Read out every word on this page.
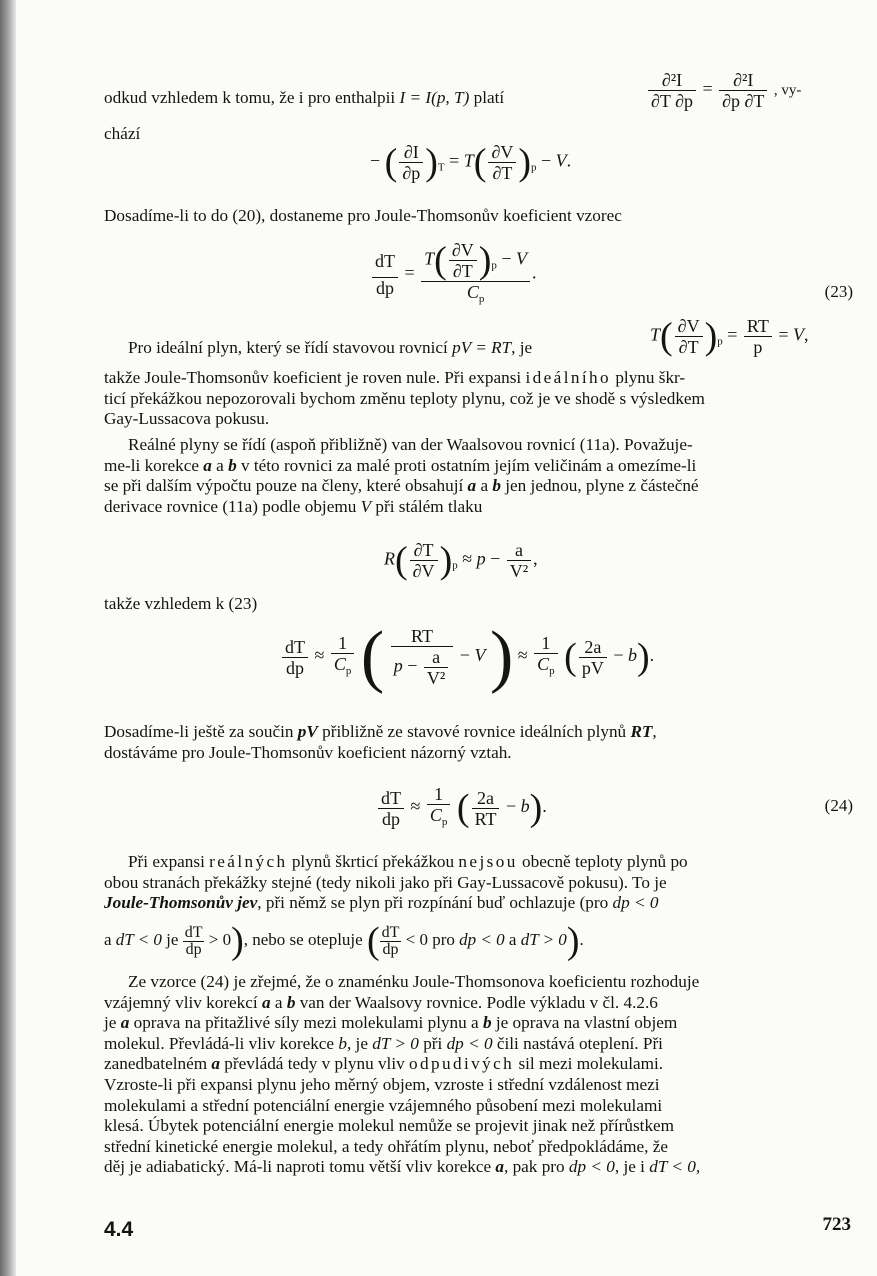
odkud vzhledem k tomu, že i pro enthalpii I = I(p, T) platí	$\frac{\text{∂²I}}{\partial T \partial p} = \frac{\text{∂²I}}{\partial p \partial T}$ , vy-
chází
− ( $\frac{\partial I}{\partial p} )_T = T( \frac{\partial V}{\partial T} )_p - V$.
Dosadíme-li to do (20), dostaneme pro Joule-Thomsonův koeficient vzorec
$\frac{dT}{dp} = \frac{T( \frac{\partial V}{\partial T} )_p - V}{C_p}$ .
(23)
Pro ideální plyn, který se řídí stavovou rovnicí pV = RT, je
$T( \frac{\partial V}{\partial T} )_p = \frac{RT}{p} = V$,
takže Joule-Thomsonův koeficient je roven nule. Při expansi ideálního plynu škr-
ticí překážkou nepozorovali bychom změnu teploty plynu, což je ve shodě s výsledkem
Gay-Lussacova pokusu.
Reálné plyny se řídí (aspoň přibližně) van der Waalsovou rovnicí (11a). Považuje-
me-li korekce a a b v této rovnici za malé proti ostatním jejím veličinám a omezíme-li
se při dalším výpočtu pouze na členy, které obsahují a a b jen jednou, plyne z částečné
derivace rovnice (11a) podle objemu V při stálém tlaku
$R( \frac{\partial T}{\partial V} )_p \approx p - \frac{a}{\text{V²}}$ ,
takže vzhledem k (23)
$\frac{dT}{dp} \approx \frac{1}{C_p}$ ( $\frac{RT}{p - \frac{a}{\text{V²}}} - V$ ) ≈ $\frac{1}{C_p}$ ( $\frac{2a}{pV} - b$).
Dosadíme-li ještě za součin pV přibližně ze stavové rovnice ideálních plynů RT,
dostáváme pro Joule-Thomsonův koeficient názorný vztah.
$\frac{dT}{dp} \approx \frac{1}{C_p}$ ( $\frac{2a}{RT} - b$).	(24)
Při expansi reálných plynů škrticí překážkou nejsou obecně teploty plynů po
obou stranách překážky stejné (tedy nikoli jako při Gay-Lussacově pokusu). To je
Joule-Thomsonův jev, při němž se plyn při rozpínání buď ochlazuje (pro dp < 0
a dT < 0 je $\frac{dT}{dp} > 0$), nebo se otepluje ( $\frac{dT}{dp} < 0$ pro dp < 0 a dT > 0).
Ze vzorce (24) je zřejmé, že o znaménku Joule-Thomsonova koeficientu rozhoduje
vzájemný vliv korekcí a a b van der Waalsovy rovnice. Podle výkladu v čl. 4.2.6
je a oprava na přitažlivé síly mezi molekulami plynu a b je oprava na vlastní objem
molekul. Převládá-li vliv korekce b, je dT > 0 při dp < 0 čili nastává oteplení. Při
zanedbatelném a převládá tedy v plynu vliv odpudivých sil mezi molekulami.
Vzroste-li při expansi plynu jeho měrný objem, vzroste i střední vzdálenost mezi
molekulami a střední potenciální energie vzájemného působení mezi molekulami
klesá. Úbytek potenciální energie molekul nemůže se projevit jinak než přírůstkem
střední kinetické energie molekul, a tedy ohřátím plynu, neboť předpokládáme, že
děj je adiabatický. Má-li naproti tomu větší vliv korekce a, pak pro dp < 0, je i dT < 0,
4.4	723
